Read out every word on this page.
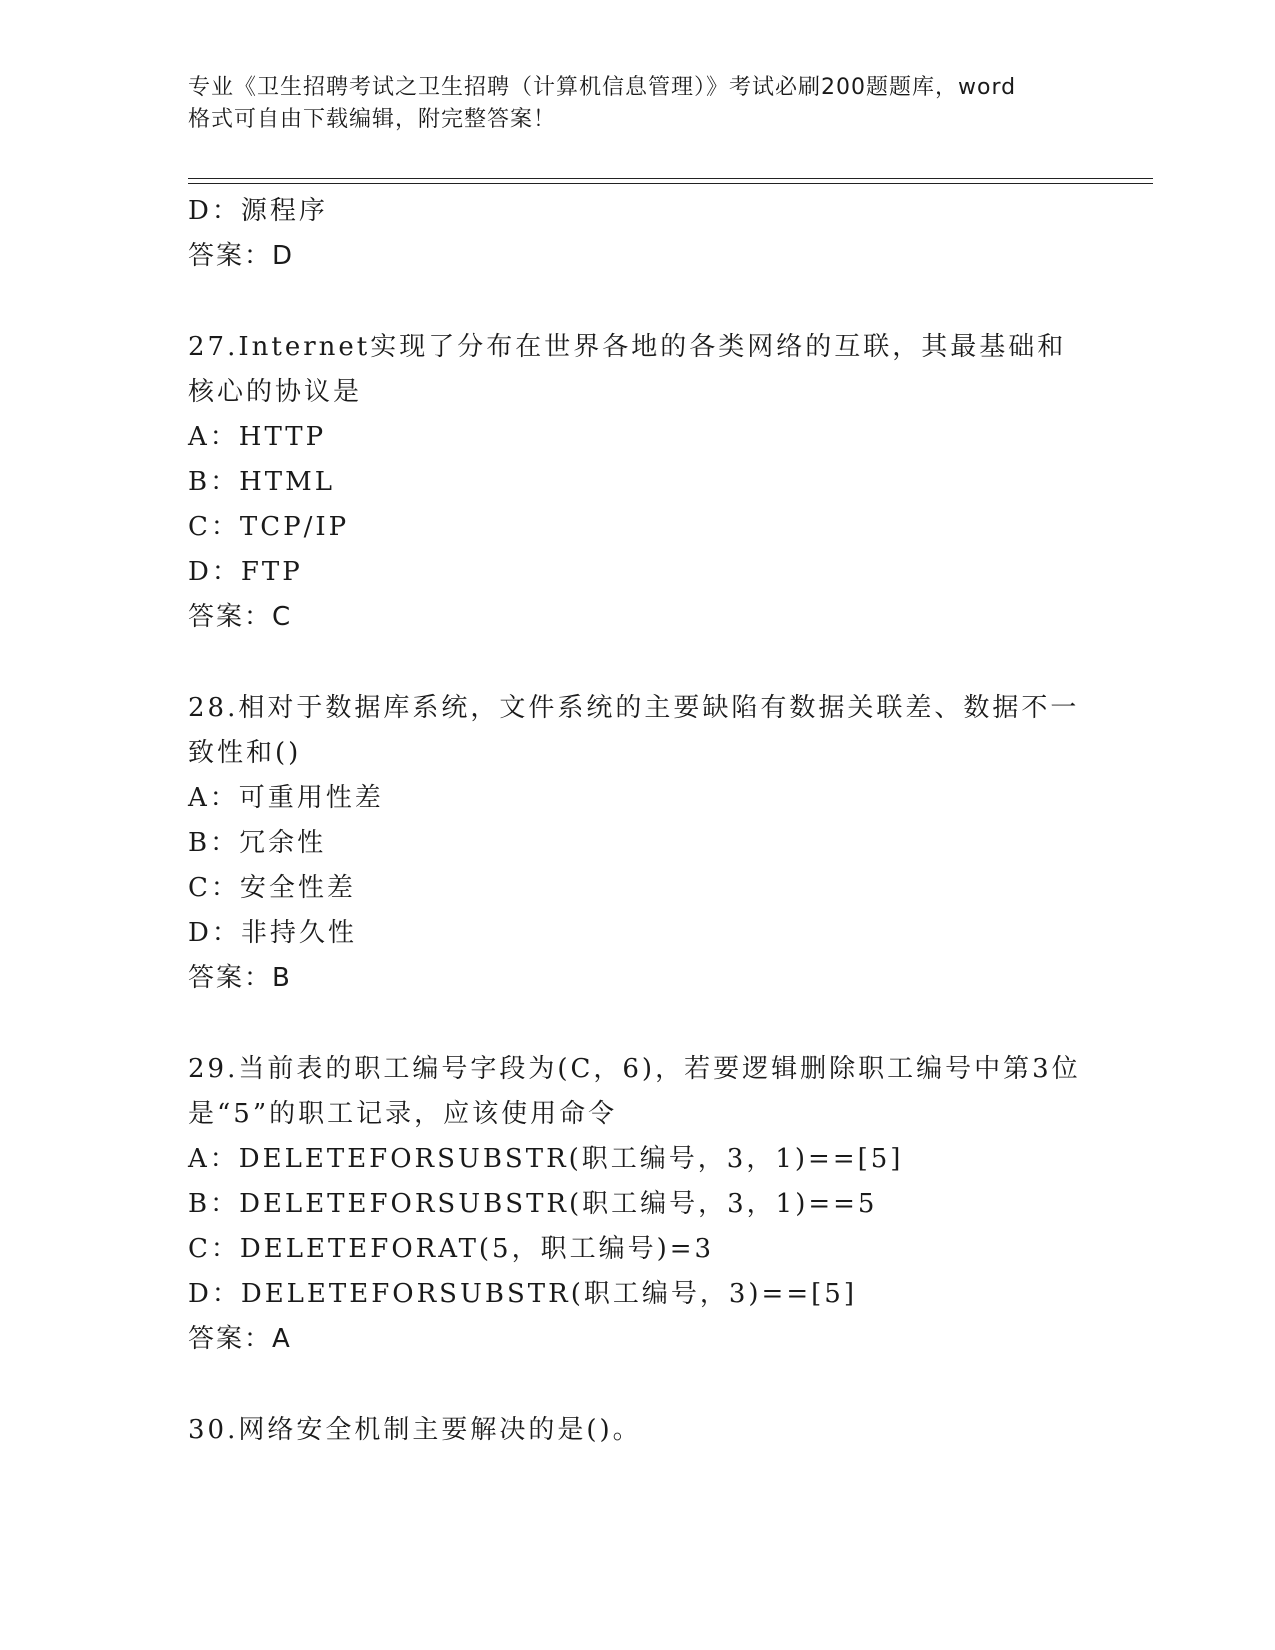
专业《卫生招聘考试之卫生招聘（计算机信息管理）》考试必刷200题题库，word
格式可自由下载编辑，附完整答案！
D：源程序
答案：D
27.Internet实现了分布在世界各地的各类网络的互联，其最基础和核心的协议是
A：HTTP
B：HTML
C：TCP/IP
D：FTP
答案：C
28.相对于数据库系统，文件系统的主要缺陷有数据关联差、数据不一致性和()
A：可重用性差
B：冗余性
C：安全性差
D：非持久性
答案：B
29.当前表的职工编号字段为(C，6)，若要逻辑删除职工编号中第3位是“5”的职工记录，应该使用命令
A：DELETEFORSUBSTR(职工编号，3，1)==[5]
B：DELETEFORSUBSTR(职工编号，3，1)==5
C：DELETEFORAT(5，职工编号)=3
D：DELETEFORSUBSTR(职工编号，3)==[5]
答案：A
30.网络安全机制主要解决的是()。
